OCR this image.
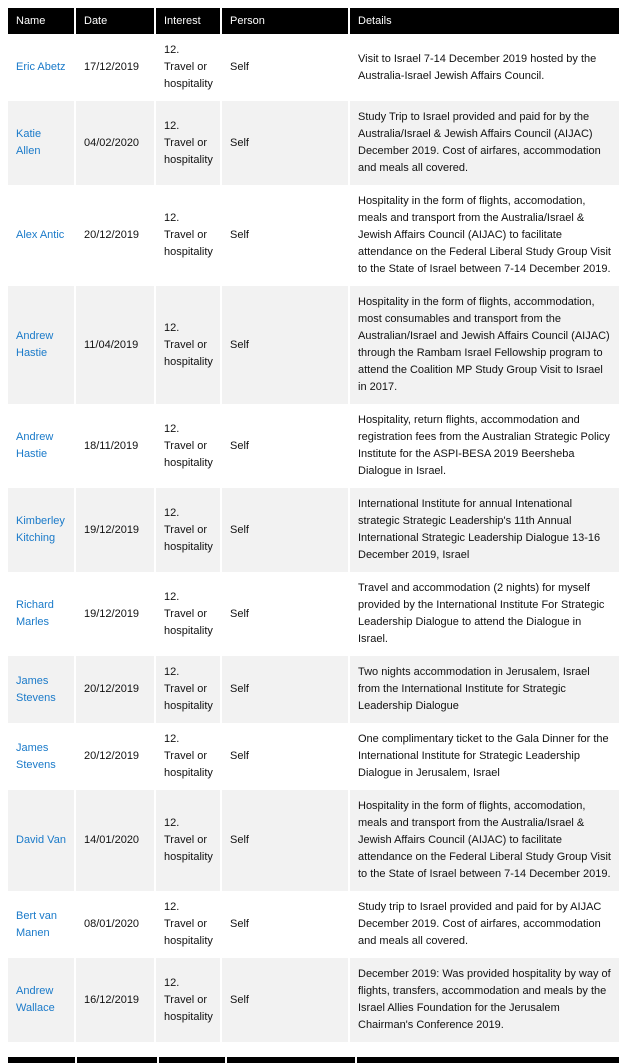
Name	Date	Interest	Person	Details
Eric Abetz	17/12/2019	12. Travel or hospitality	Self	Visit to Israel 7-14 December 2019 hosted by the Australia-Israel Jewish Affairs Council.
Katie Allen	04/02/2020	12. Travel or hospitality	Self	Study Trip to Israel provided and paid for by the Australia/Israel & Jewish Affairs Council (AIJAC) December 2019. Cost of airfares, accommodation and meals all covered.
Alex Antic	20/12/2019	12. Travel or hospitality	Self	Hospitality in the form of flights, accomodation, meals and transport from the Australia/Israel & Jewish Affairs Council (AIJAC) to facilitate attendance on the Federal Liberal Study Group Visit to the State of Israel between 7-14 December 2019.
Andrew Hastie	11/04/2019	12. Travel or hospitality	Self	Hospitality in the form of flights, accommodation, most consumables and transport from the Australian/Israel and Jewish Affairs Council (AIJAC) through the Rambam Israel Fellowship program to attend the Coalition MP Study Group Visit to Israel in 2017.
Andrew Hastie	18/11/2019	12. Travel or hospitality	Self	Hospitality, return flights, accommodation and registration fees from the Australian Strategic Policy Institute for the ASPI-BESA 2019 Beersheba Dialogue in Israel.
Kimberley Kitching	19/12/2019	12. Travel or hospitality	Self	International Institute for annual Intenational strategic Strategic Leadership's 11th Annual International Strategic Leadership Dialogue 13-16 December 2019, Israel
Richard Marles	19/12/2019	12. Travel or hospitality	Self	Travel and accommodation (2 nights) for myself provided by the International Institute For Strategic Leadership Dialogue to attend the Dialogue in Israel.
James Stevens	20/12/2019	12. Travel or hospitality	Self	Two nights accommodation in Jerusalem, Israel from the International Institute for Strategic Leadership Dialogue
James Stevens	20/12/2019	12. Travel or hospitality	Self	One complimentary ticket to the Gala Dinner for the International Institute for Strategic Leadership Dialogue in Jerusalem, Israel
David Van	14/01/2020	12. Travel or hospitality	Self	Hospitality in the form of flights, accomodation, meals and transport from the Australia/Israel & Jewish Affairs Council (AIJAC) to facilitate attendance on the Federal Liberal Study Group Visit to the State of Israel between 7-14 December 2019.
Bert van Manen	08/01/2020	12. Travel or hospitality	Self	Study trip to Israel provided and paid for by AIJAC December 2019. Cost of airfares, accommodation and meals all covered.
Andrew Wallace	16/12/2019	12. Travel or hospitality	Self	December 2019: Was provided hospitality by way of flights, transfers, accommodation and meals by the Israel Allies Foundation for the Jerusalem Chairman's Conference 2019.
